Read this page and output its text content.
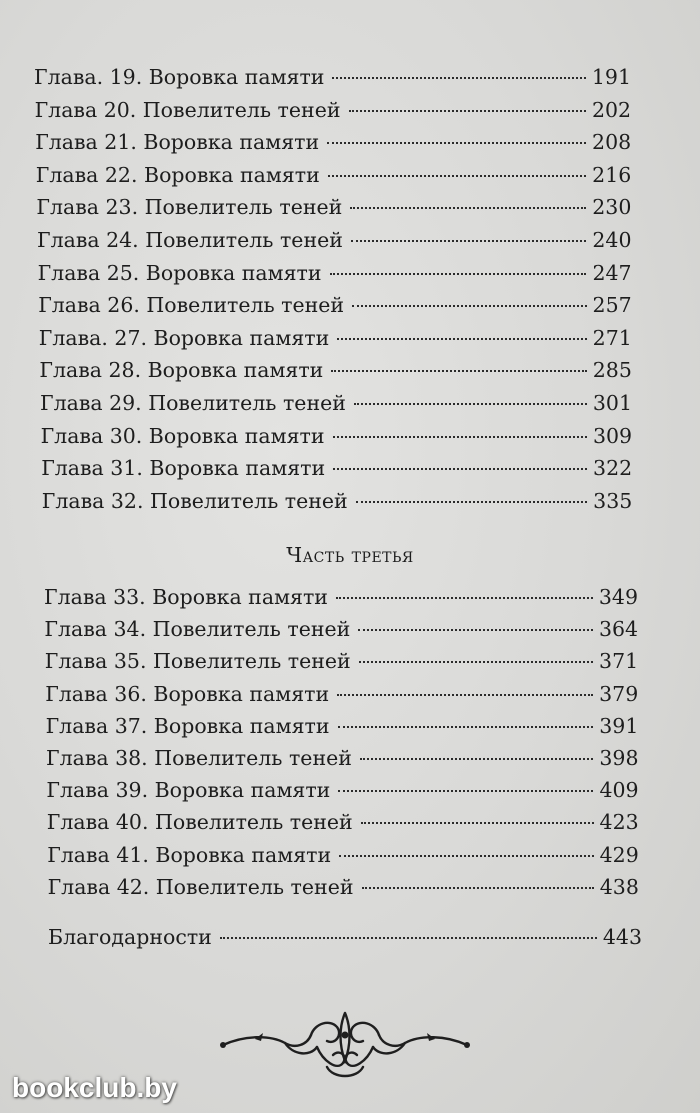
Глава. 19. Воровка памяти	191
Глава 20. Повелитель теней	202
Глава 21. Воровка памяти	208
Глава 22. Воровка памяти	216
Глава 23. Повелитель теней	230
Глава 24. Повелитель теней	240
Глава 25. Воровка памяти	247
Глава 26. Повелитель теней	257
Глава. 27. Воровка памяти	271
Глава 28. Воровка памяти	285
Глава 29. Повелитель теней	301
Глава 30. Воровка памяти	309
Глава 31. Воровка памяти	322
Глава 32. Повелитель теней	335
Глава 33. Воровка памяти	349
Глава 34. Повелитель теней	364
Глава 35. Повелитель теней	371
Глава 36. Воровка памяти	379
Глава 37. Воровка памяти	391
Глава 38. Повелитель теней	398
Глава 39. Воровка памяти	409
Глава 40. Повелитель теней	423
Глава 41. Воровка памяти	429
Глава 42. Повелитель теней	438
Благодарности	443
Часть третья
bookclub.by
